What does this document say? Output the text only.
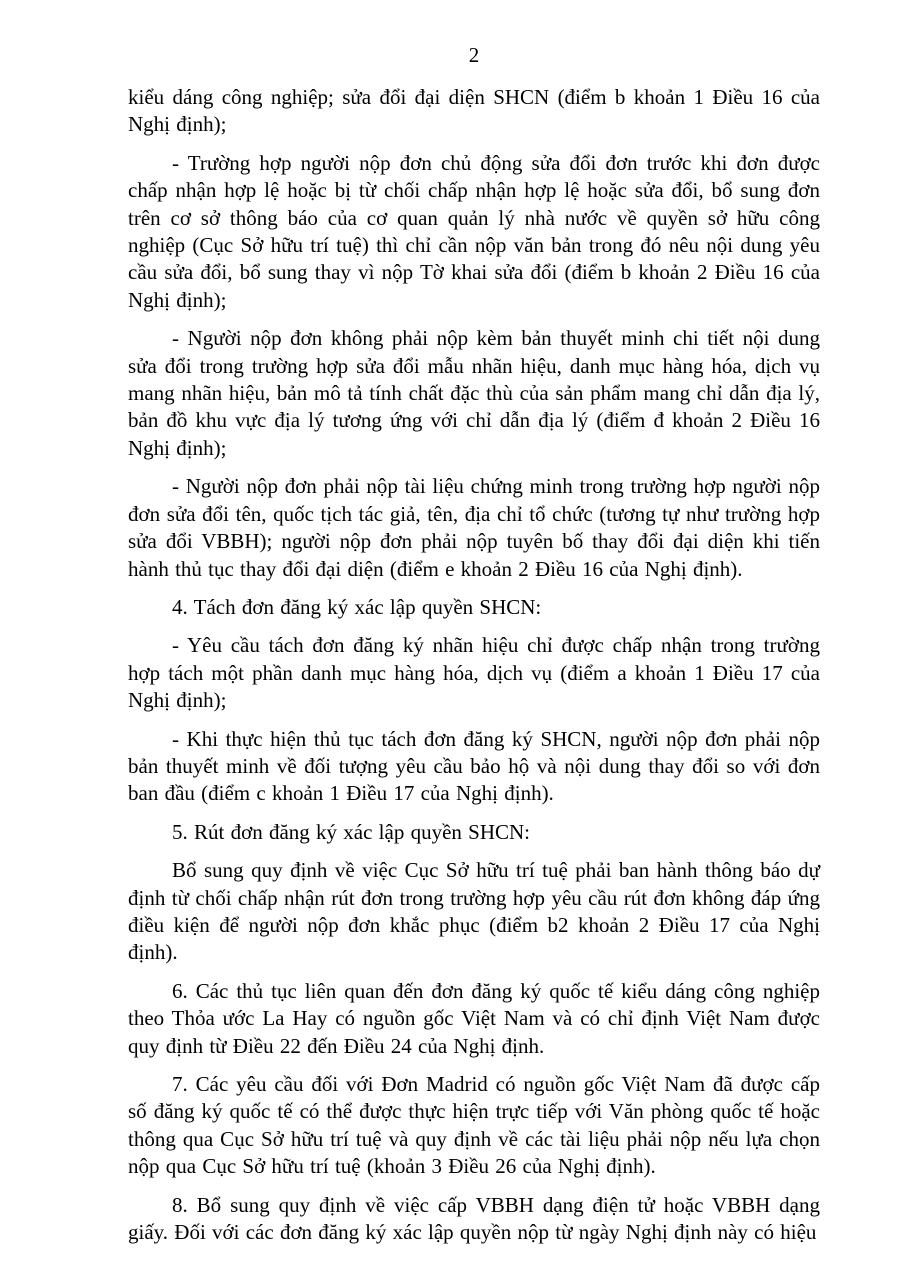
2

kiểu dáng công nghiệp; sửa đổi đại diện SHCN (điểm b khoản 1 Điều 16 của Nghị định);

- Trường hợp người nộp đơn chủ động sửa đổi đơn trước khi đơn được chấp nhận hợp lệ hoặc bị từ chối chấp nhận hợp lệ hoặc sửa đổi, bổ sung đơn trên cơ sở thông báo của cơ quan quản lý nhà nước về quyền sở hữu công nghiệp (Cục Sở hữu trí tuệ) thì chỉ cần nộp văn bản trong đó nêu nội dung yêu cầu sửa đổi, bổ sung thay vì nộp Tờ khai sửa đổi (điểm b khoản 2 Điều 16 của Nghị định);

- Người nộp đơn không phải nộp kèm bản thuyết minh chi tiết nội dung sửa đổi trong trường hợp sửa đổi mẫu nhãn hiệu, danh mục hàng hóa, dịch vụ mang nhãn hiệu, bản mô tả tính chất đặc thù của sản phẩm mang chỉ dẫn địa lý, bản đồ khu vực địa lý tương ứng với chỉ dẫn địa lý (điểm đ khoản 2 Điều 16 Nghị định);

- Người nộp đơn phải nộp tài liệu chứng minh trong trường hợp người nộp đơn sửa đổi tên, quốc tịch tác giả, tên, địa chỉ tổ chức (tương tự như trường hợp sửa đổi VBBH); người nộp đơn phải nộp tuyên bố thay đổi đại diện khi tiến hành thủ tục thay đổi đại diện (điểm e khoản 2 Điều 16 của Nghị định).

4. Tách đơn đăng ký xác lập quyền SHCN:

- Yêu cầu tách đơn đăng ký nhãn hiệu chỉ được chấp nhận trong trường hợp tách một phần danh mục hàng hóa, dịch vụ (điểm a khoản 1 Điều 17 của Nghị định);

- Khi thực hiện thủ tục tách đơn đăng ký SHCN, người nộp đơn phải nộp bản thuyết minh về đối tượng yêu cầu bảo hộ và nội dung thay đổi so với đơn ban đầu (điểm c khoản 1 Điều 17 của Nghị định).

5. Rút đơn đăng ký xác lập quyền SHCN:

Bổ sung quy định về việc Cục Sở hữu trí tuệ phải ban hành thông báo dự định từ chối chấp nhận rút đơn trong trường hợp yêu cầu rút đơn không đáp ứng điều kiện để người nộp đơn khắc phục (điểm b2 khoản 2 Điều 17 của Nghị định).

6. Các thủ tục liên quan đến đơn đăng ký quốc tế kiểu dáng công nghiệp theo Thỏa ước La Hay có nguồn gốc Việt Nam và có chỉ định Việt Nam được quy định từ Điều 22 đến Điều 24 của Nghị định.

7. Các yêu cầu đối với Đơn Madrid có nguồn gốc Việt Nam đã được cấp số đăng ký quốc tế có thể được thực hiện trực tiếp với Văn phòng quốc tế hoặc thông qua Cục Sở hữu trí tuệ và quy định về các tài liệu phải nộp nếu lựa chọn nộp qua Cục Sở hữu trí tuệ (khoản 3 Điều 26 của Nghị định).

8. Bổ sung quy định về việc cấp VBBH dạng điện tử hoặc VBBH dạng giấy. Đối với các đơn đăng ký xác lập quyền nộp từ ngày Nghị định này có hiệu
